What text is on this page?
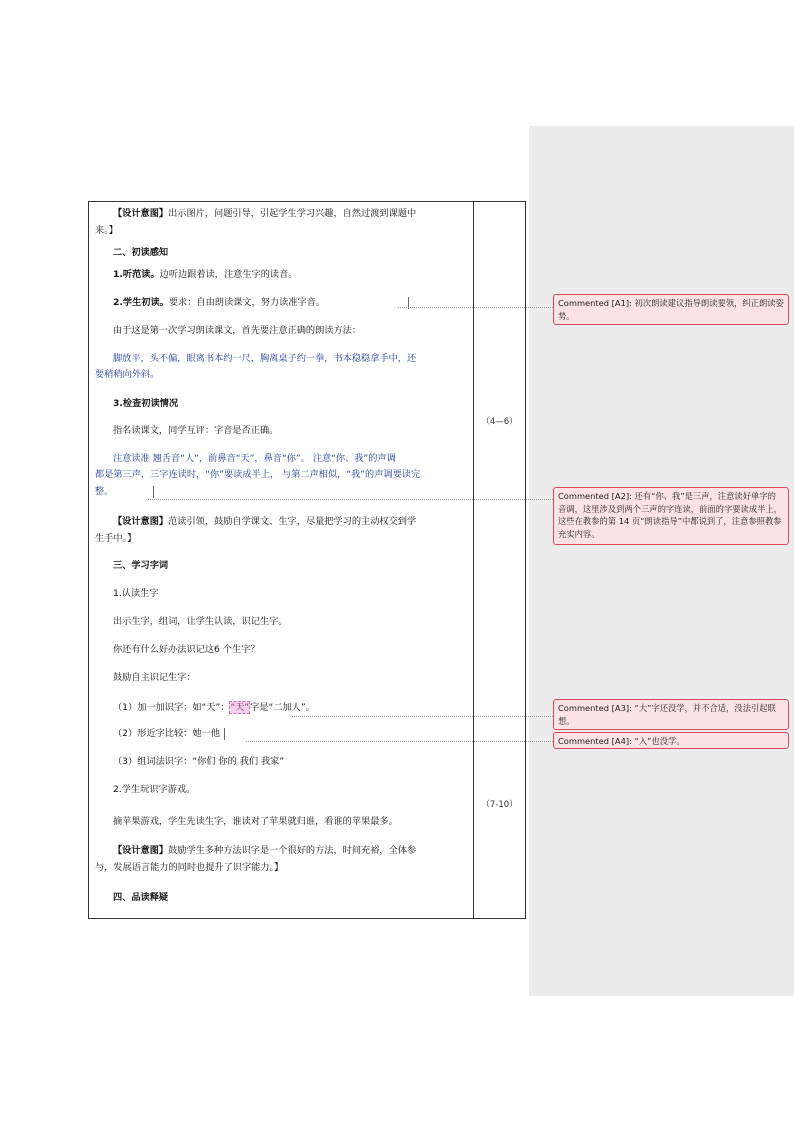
【设计意图】出示图片，问题引导，引起学生学习兴趣，自然过渡到课题中
来。】
二、初读感知
1.听范读。边听边跟着读，注意生字的读音。
2.学生初读。要求：自由朗读课文，努力读准字音。
由于这是第一次学习朗读课文，首先要注意正确的朗读方法：
脚放平，头不偏，眼离书本约一尺，胸离桌子约一拳，书本稳稳拿手中，还
要稍稍向外斜。
3.检查初读情况
指名读课文，同学互评：字音是否正确。
注意读准 翘舌音“人”，前鼻音“天”，鼻音“你”。 注意“你、我”的声调
都是第三声，三字连读时，“你”要读成半上， 与第二声相似，“我”的声调要读完
整。
【设计意图】范读引领，鼓励自学课文、生字，尽量把学习的主动权交到学
生手中。】
三、学习字词
1.认读生字
出示生字，组词，让学生认读，识记生字。
你还有什么好办法识记这6 个生字？
鼓励自主识记生字：
（1）加一加识字：如“天”：“天”字是“二加人”。
（2）形近字比较：她一他
（3）组词法识字：“你们 你的 我们 我家”
2.学生玩识字游戏。
摘苹果游戏，学生先读生字，谁读对了苹果就归谁，看谁的苹果最多。
【设计意图】鼓励学生多种方法识字是一个很好的方法，时间充裕，全体参
与，发展语言能力的同时也提升了识字能力。】
四、品读释疑
（4—6）
（7-10）
Commented [A1]: 初次朗读建议指导朗读要领，纠正朗读姿势。
Commented [A2]: 还有“你、我”是三声，注意读好单字的音调，这里涉及到两个三声的字连读，前面的字要读成半上，这些在教参的第 14 页“朗读指导”中都说到了，注意参照教参充实内容。
Commented [A3]: “大”字还没学，并不合适，没法引起联想。
Commented [A4]: “入”也没学。
